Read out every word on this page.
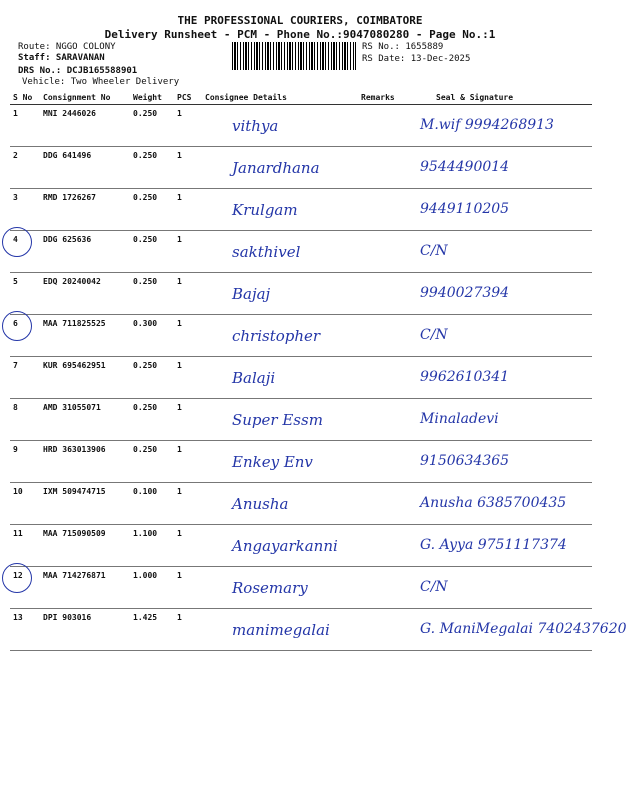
THE PROFESSIONAL COURIERS, COIMBATORE
Delivery Runsheet - PCM - Phone No.:9047080280 - Page No.:1
Route: NGGO COLONY
Staff: SARAVANAN
DRS No.: DCJB165588901
Vehicle: Two Wheeler Delivery
RS No.: 1655889
RS Date: 13-Dec-2025
S No	Consignment No	Weight	PCS	Consignee Details	Remarks	Seal & Signature
1	MNI 2446026	0.250	1	vithya		M.wif 9994268913

2	DDG 641496	0.250	1	Janardhana		9544490014

3	RMD 1726267	0.250	1	Krulgam		9449110205

4	DDG 625636	0.250	1	sakthivel		C/N

5	EDQ 20240042	0.250	1	Bajaj		9940027394

6	MAA 711825525	0.300	1	christopher		C/N

7	KUR 695462951	0.250	1	Balaji		9962610341

8	AMD 31055071	0.250	1	Super Essm		Minaladevi

9	HRD 363013906	0.250	1	Enkey Env		9150634365

10	IXM 509474715	0.100	1	Anusha		Anusha 6385700435

11	MAA 715090509	1.100	1	Angayarkanni		G. Ayya 9751117374

12	MAA 714276871	1.000	1	Rosemary		C/N

13	DPI 903016	1.425	1	manimegalai		G. ManiMegalai 7402437620
